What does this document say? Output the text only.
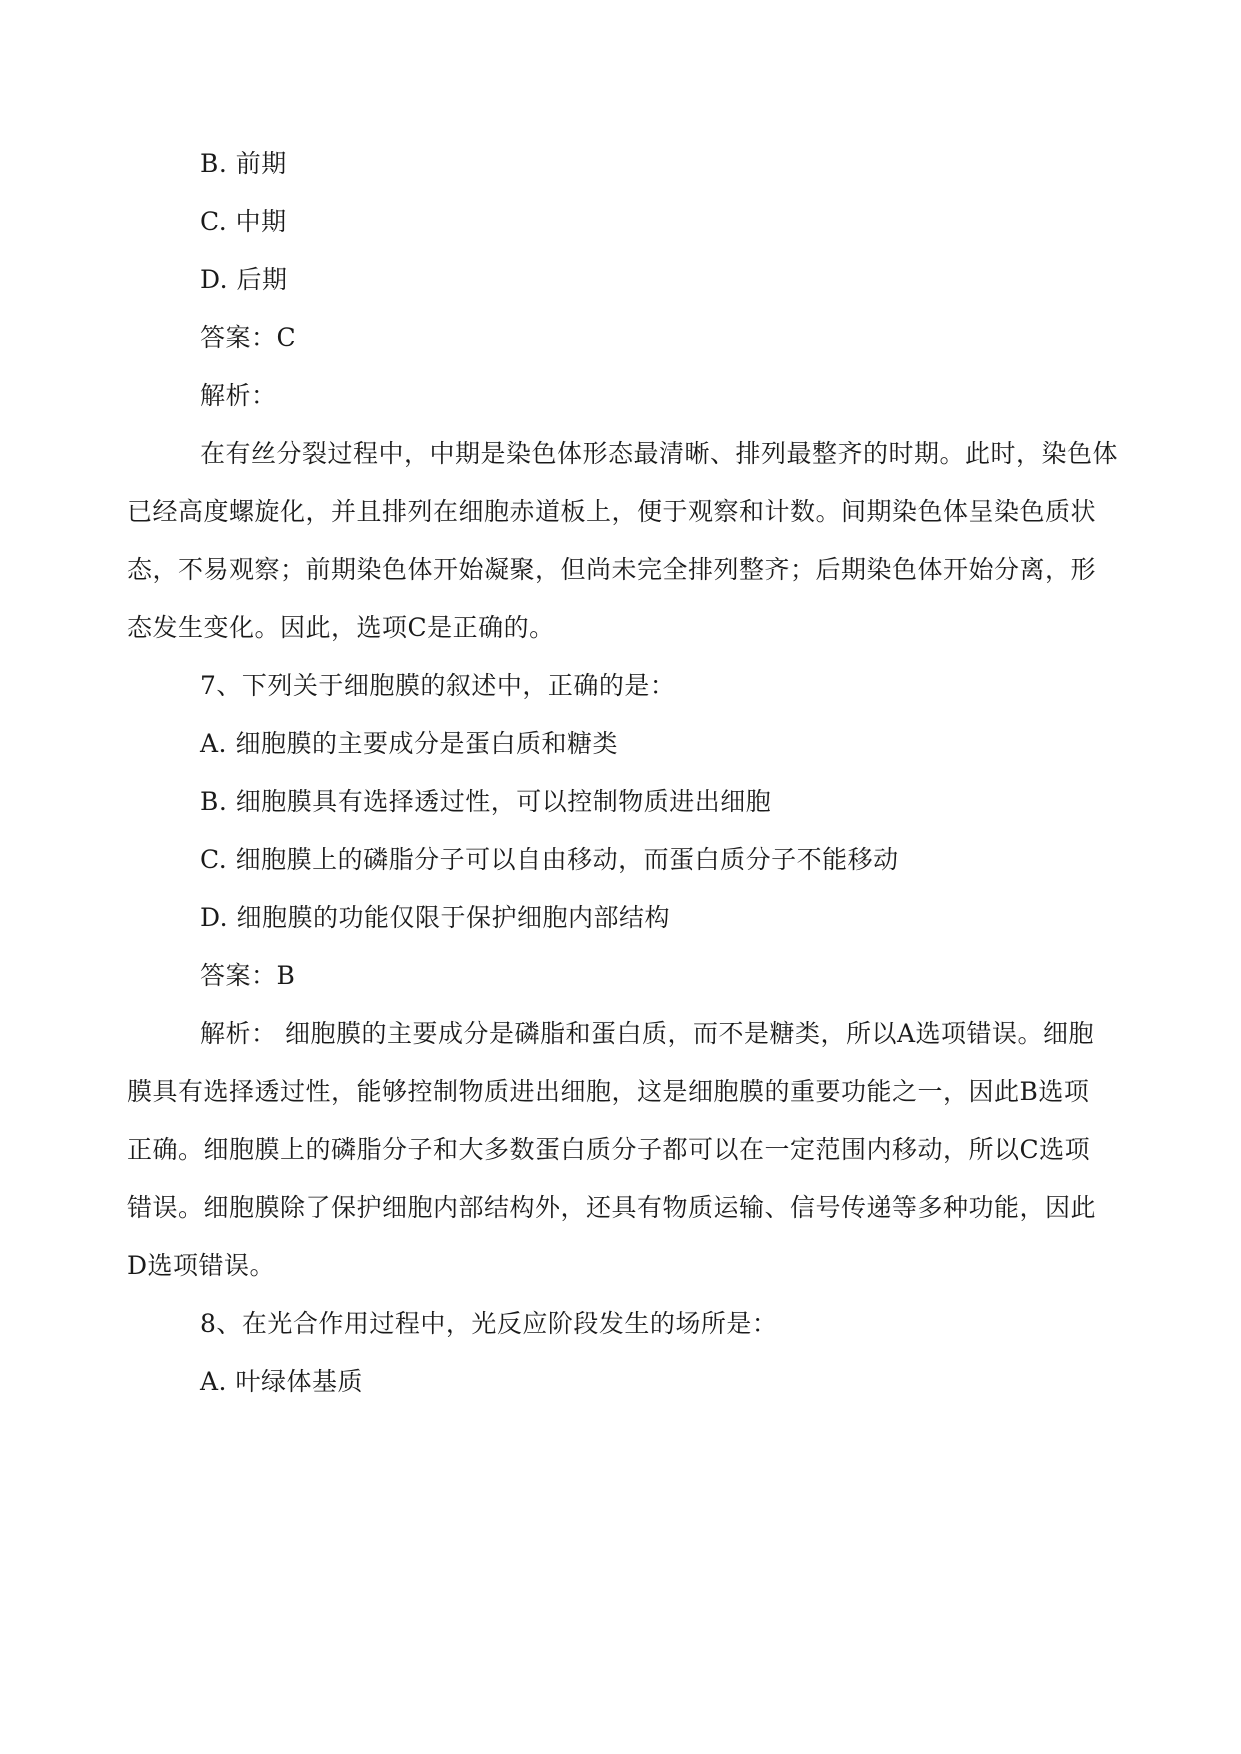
B. 前期
C. 中期
D. 后期
答案：C
解析：
在有丝分裂过程中，中期是染色体形态最清晰、排列最整齐的时期。此时，染色体
已经高度螺旋化，并且排列在细胞赤道板上，便于观察和计数。间期染色体呈染色质状
态，不易观察；前期染色体开始凝聚，但尚未完全排列整齐；后期染色体开始分离，形
态发生变化。因此，选项C是正确的。
7、下列关于细胞膜的叙述中，正确的是：
A. 细胞膜的主要成分是蛋白质和糖类
B. 细胞膜具有选择透过性，可以控制物质进出细胞
C. 细胞膜上的磷脂分子可以自由移动，而蛋白质分子不能移动
D. 细胞膜的功能仅限于保护细胞内部结构
答案：B
解析： 细胞膜的主要成分是磷脂和蛋白质，而不是糖类，所以A选项错误。细胞
膜具有选择透过性，能够控制物质进出细胞，这是细胞膜的重要功能之一，因此B选项
正确。细胞膜上的磷脂分子和大多数蛋白质分子都可以在一定范围内移动，所以C选项
错误。细胞膜除了保护细胞内部结构外，还具有物质运输、信号传递等多种功能，因此
D选项错误。
8、在光合作用过程中，光反应阶段发生的场所是：
A. 叶绿体基质
